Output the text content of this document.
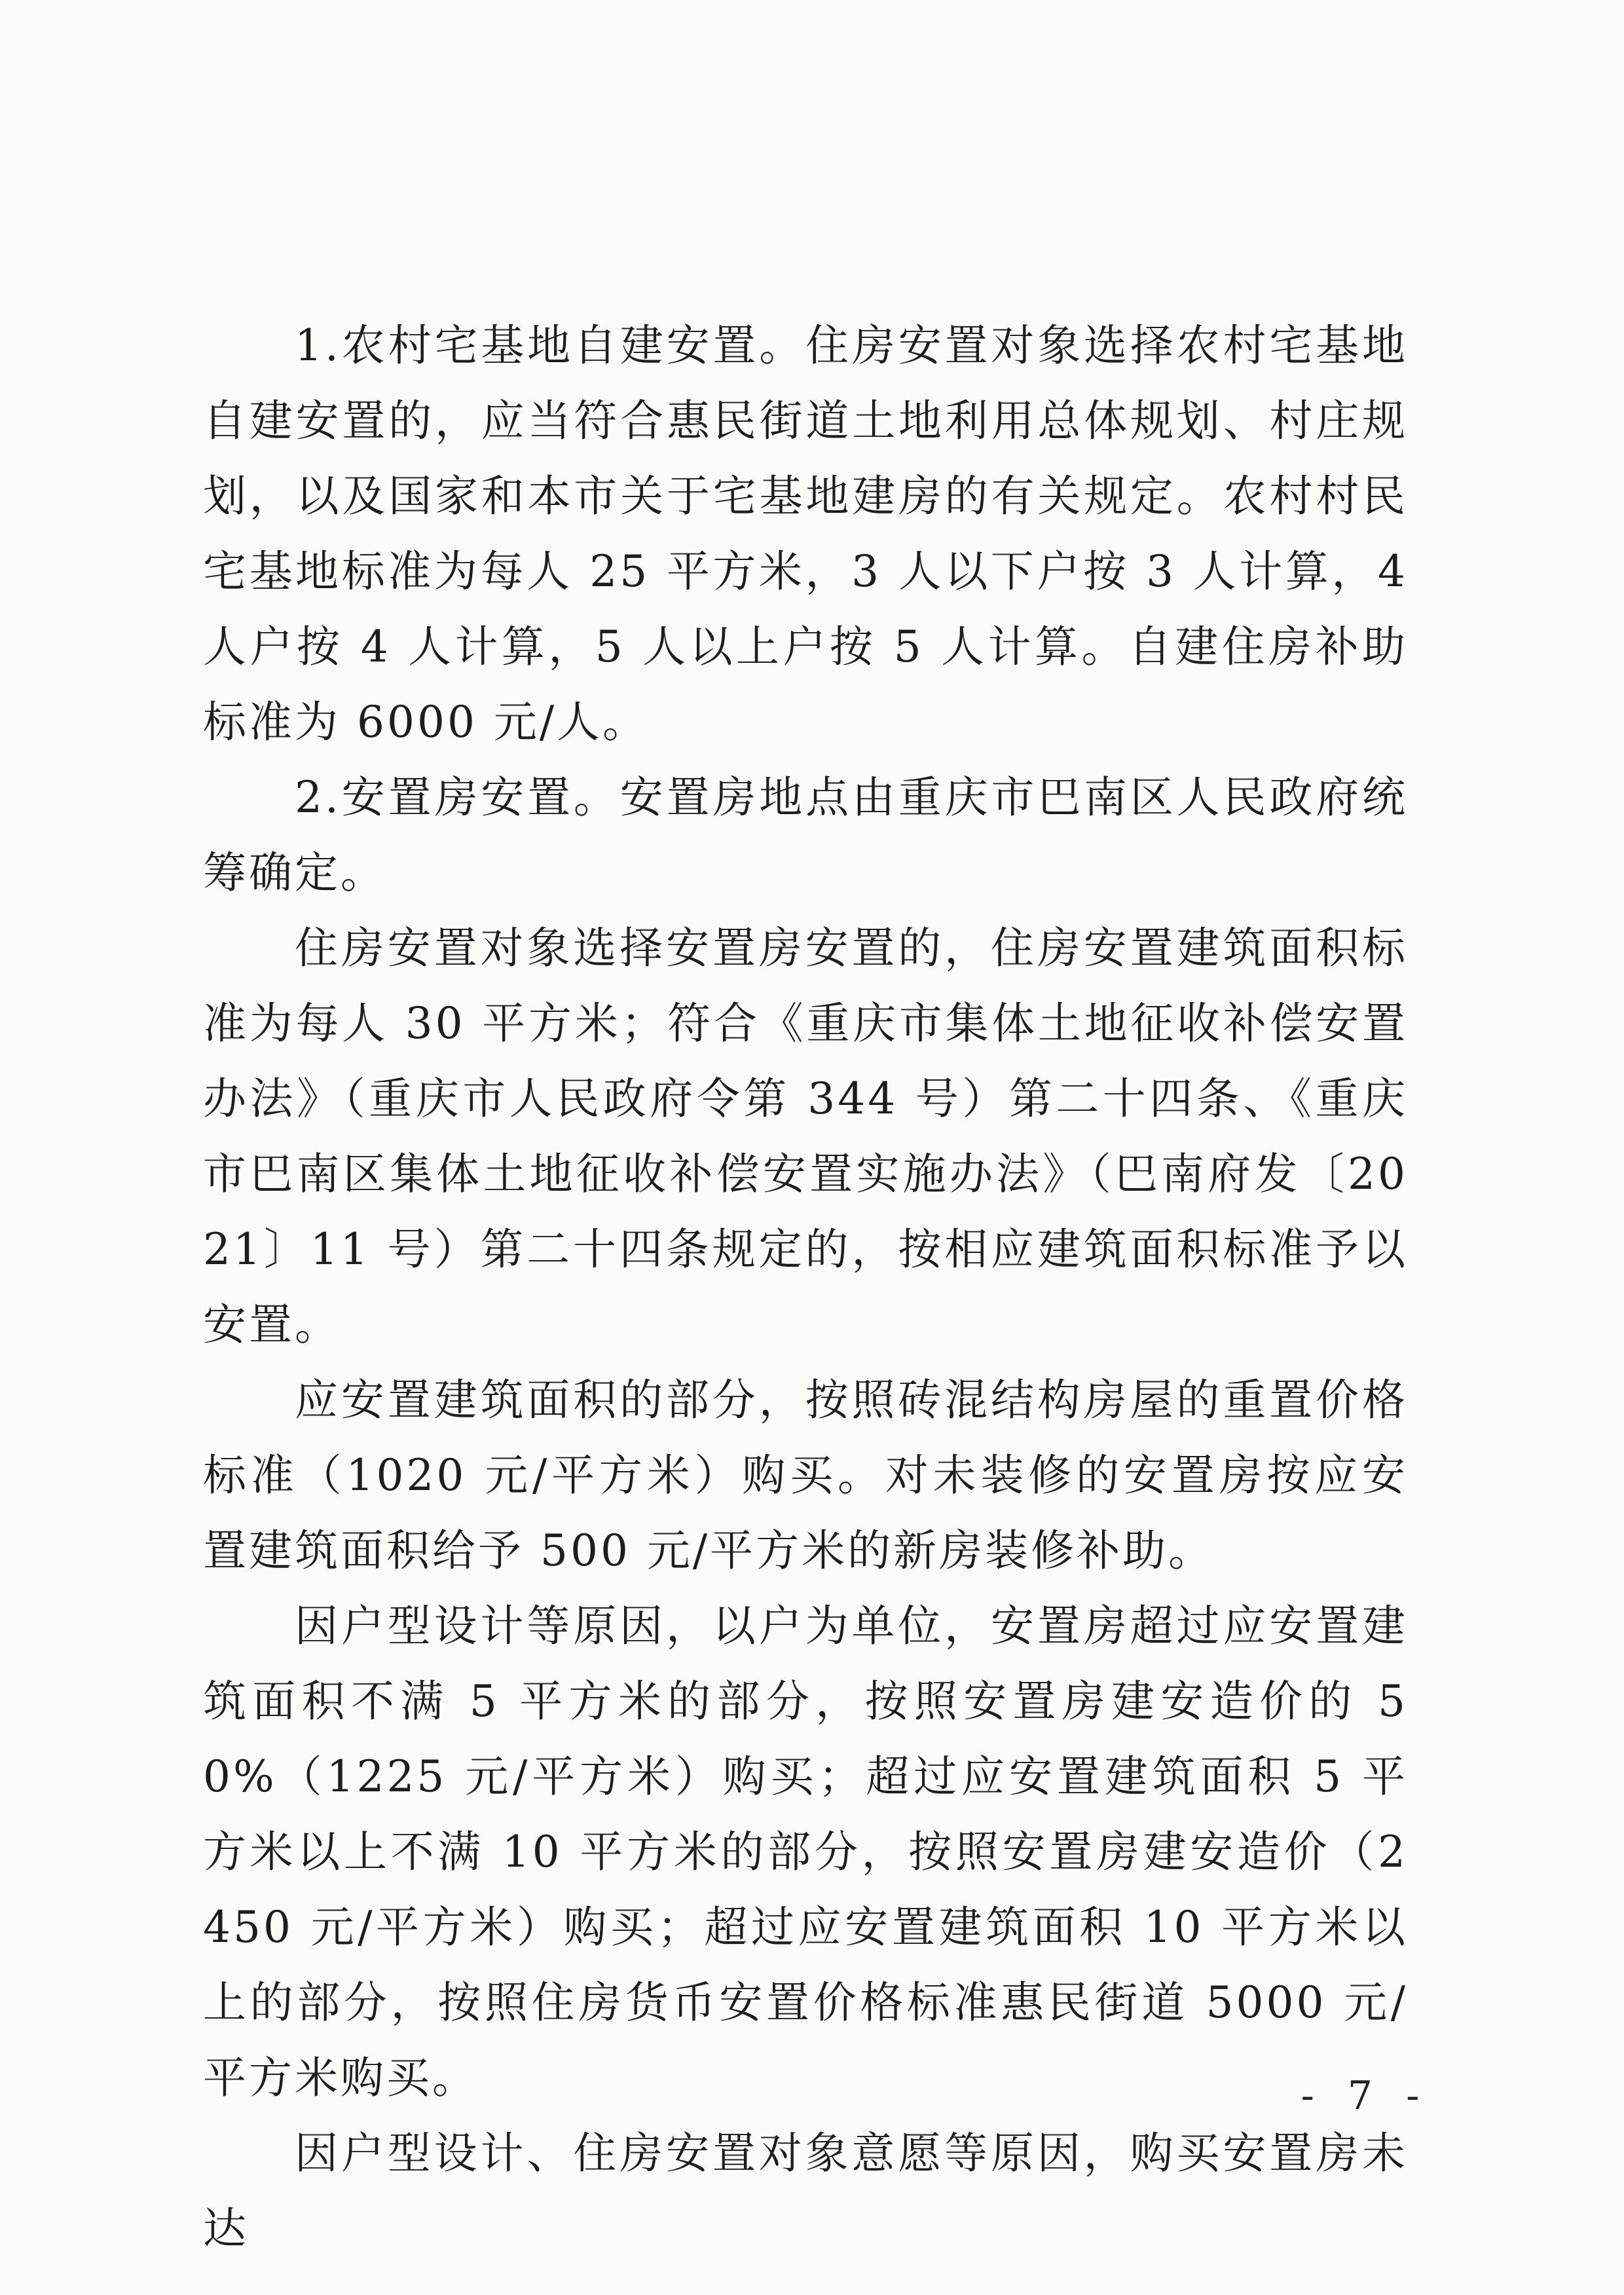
1.农村宅基地自建安置。住房安置对象选择农村宅基地自建安置的，应当符合惠民街道土地利用总体规划、村庄规划，以及国家和本市关于宅基地建房的有关规定。农村村民宅基地标准为每人 25 平方米，3 人以下户按 3 人计算，4 人户按 4 人计算，5 人以上户按 5 人计算。自建住房补助标准为 6000 元/人。

2.安置房安置。安置房地点由重庆市巴南区人民政府统筹确定。

住房安置对象选择安置房安置的，住房安置建筑面积标准为每人 30 平方米；符合《重庆市集体土地征收补偿安置办法》（重庆市人民政府令第 344 号）第二十四条、《重庆市巴南区集体土地征收补偿安置实施办法》（巴南府发〔2021〕11 号）第二十四条规定的，按相应建筑面积标准予以安置。

应安置建筑面积的部分，按照砖混结构房屋的重置价格标准（1020 元/平方米）购买。对未装修的安置房按应安置建筑面积给予 500 元/平方米的新房装修补助。

因户型设计等原因，以户为单位，安置房超过应安置建筑面积不满 5 平方米的部分，按照安置房建安造价的 50%（1225 元/平方米）购买；超过应安置建筑面积 5 平方米以上不满 10 平方米的部分，按照安置房建安造价（2450 元/平方米）购买；超过应安置建筑面积 10 平方米以上的部分，按照住房货币安置价格标准惠民街道 5000 元/平方米购买。

因户型设计、住房安置对象意愿等原因，购买安置房未达

- 7 -
